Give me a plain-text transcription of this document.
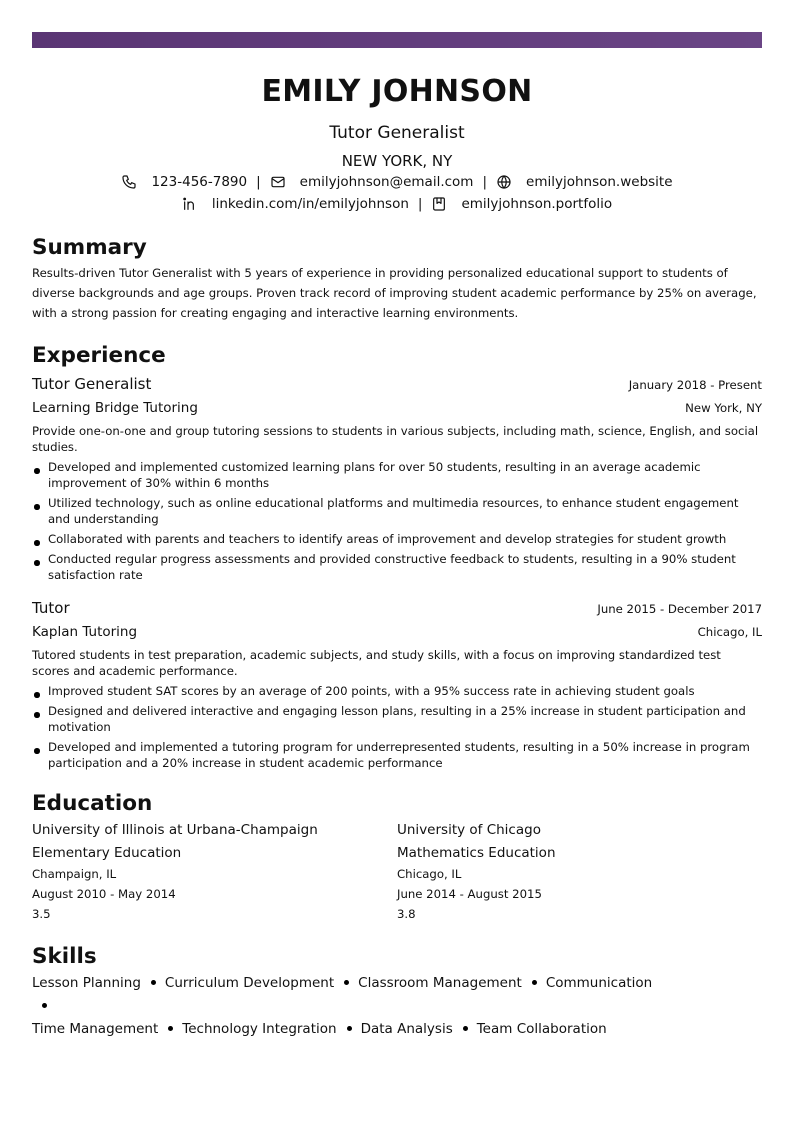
EMILY JOHNSON
Tutor Generalist
NEW YORK, NY
123-456-7890 |	emilyjohnson@email.com |	emilyjohnson.website
linkedin.com/in/emilyjohnson |	emilyjohnson.portfolio
Summary
Results-driven Tutor Generalist with 5 years of experience in providing personalized educational support to students of diverse backgrounds and age groups. Proven track record of improving student academic performance by 25% on average, with a strong passion for creating engaging and interactive learning environments.
Experience
Tutor Generalist	January 2018 - Present
Learning Bridge Tutoring	New York, NY
Provide one-on-one and group tutoring sessions to students in various subjects, including math, science, English, and social studies.
Developed and implemented customized learning plans for over 50 students, resulting in an average academic improvement of 30% within 6 months
Utilized technology, such as online educational platforms and multimedia resources, to enhance student engagement and understanding
Collaborated with parents and teachers to identify areas of improvement and develop strategies for student growth
Conducted regular progress assessments and provided constructive feedback to students, resulting in a 90% student satisfaction rate
Tutor	June 2015 - December 2017
Kaplan Tutoring	Chicago, IL
Tutored students in test preparation, academic subjects, and study skills, with a focus on improving standardized test scores and academic performance.
Improved student SAT scores by an average of 200 points, with a 95% success rate in achieving student goals
Designed and delivered interactive and engaging lesson plans, resulting in a 25% increase in student participation and motivation
Developed and implemented a tutoring program for underrepresented students, resulting in a 50% increase in program participation and a 20% increase in student academic performance
Education
University of Illinois at Urbana-Champaign
Elementary Education
Champaign, IL
August 2010 - May 2014
3.5
University of Chicago
Mathematics Education
Chicago, IL
June 2014 - August 2015
3.8
Skills
Lesson Planning Curriculum Development Classroom Management Communication
Time Management Technology Integration Data Analysis Team Collaboration
